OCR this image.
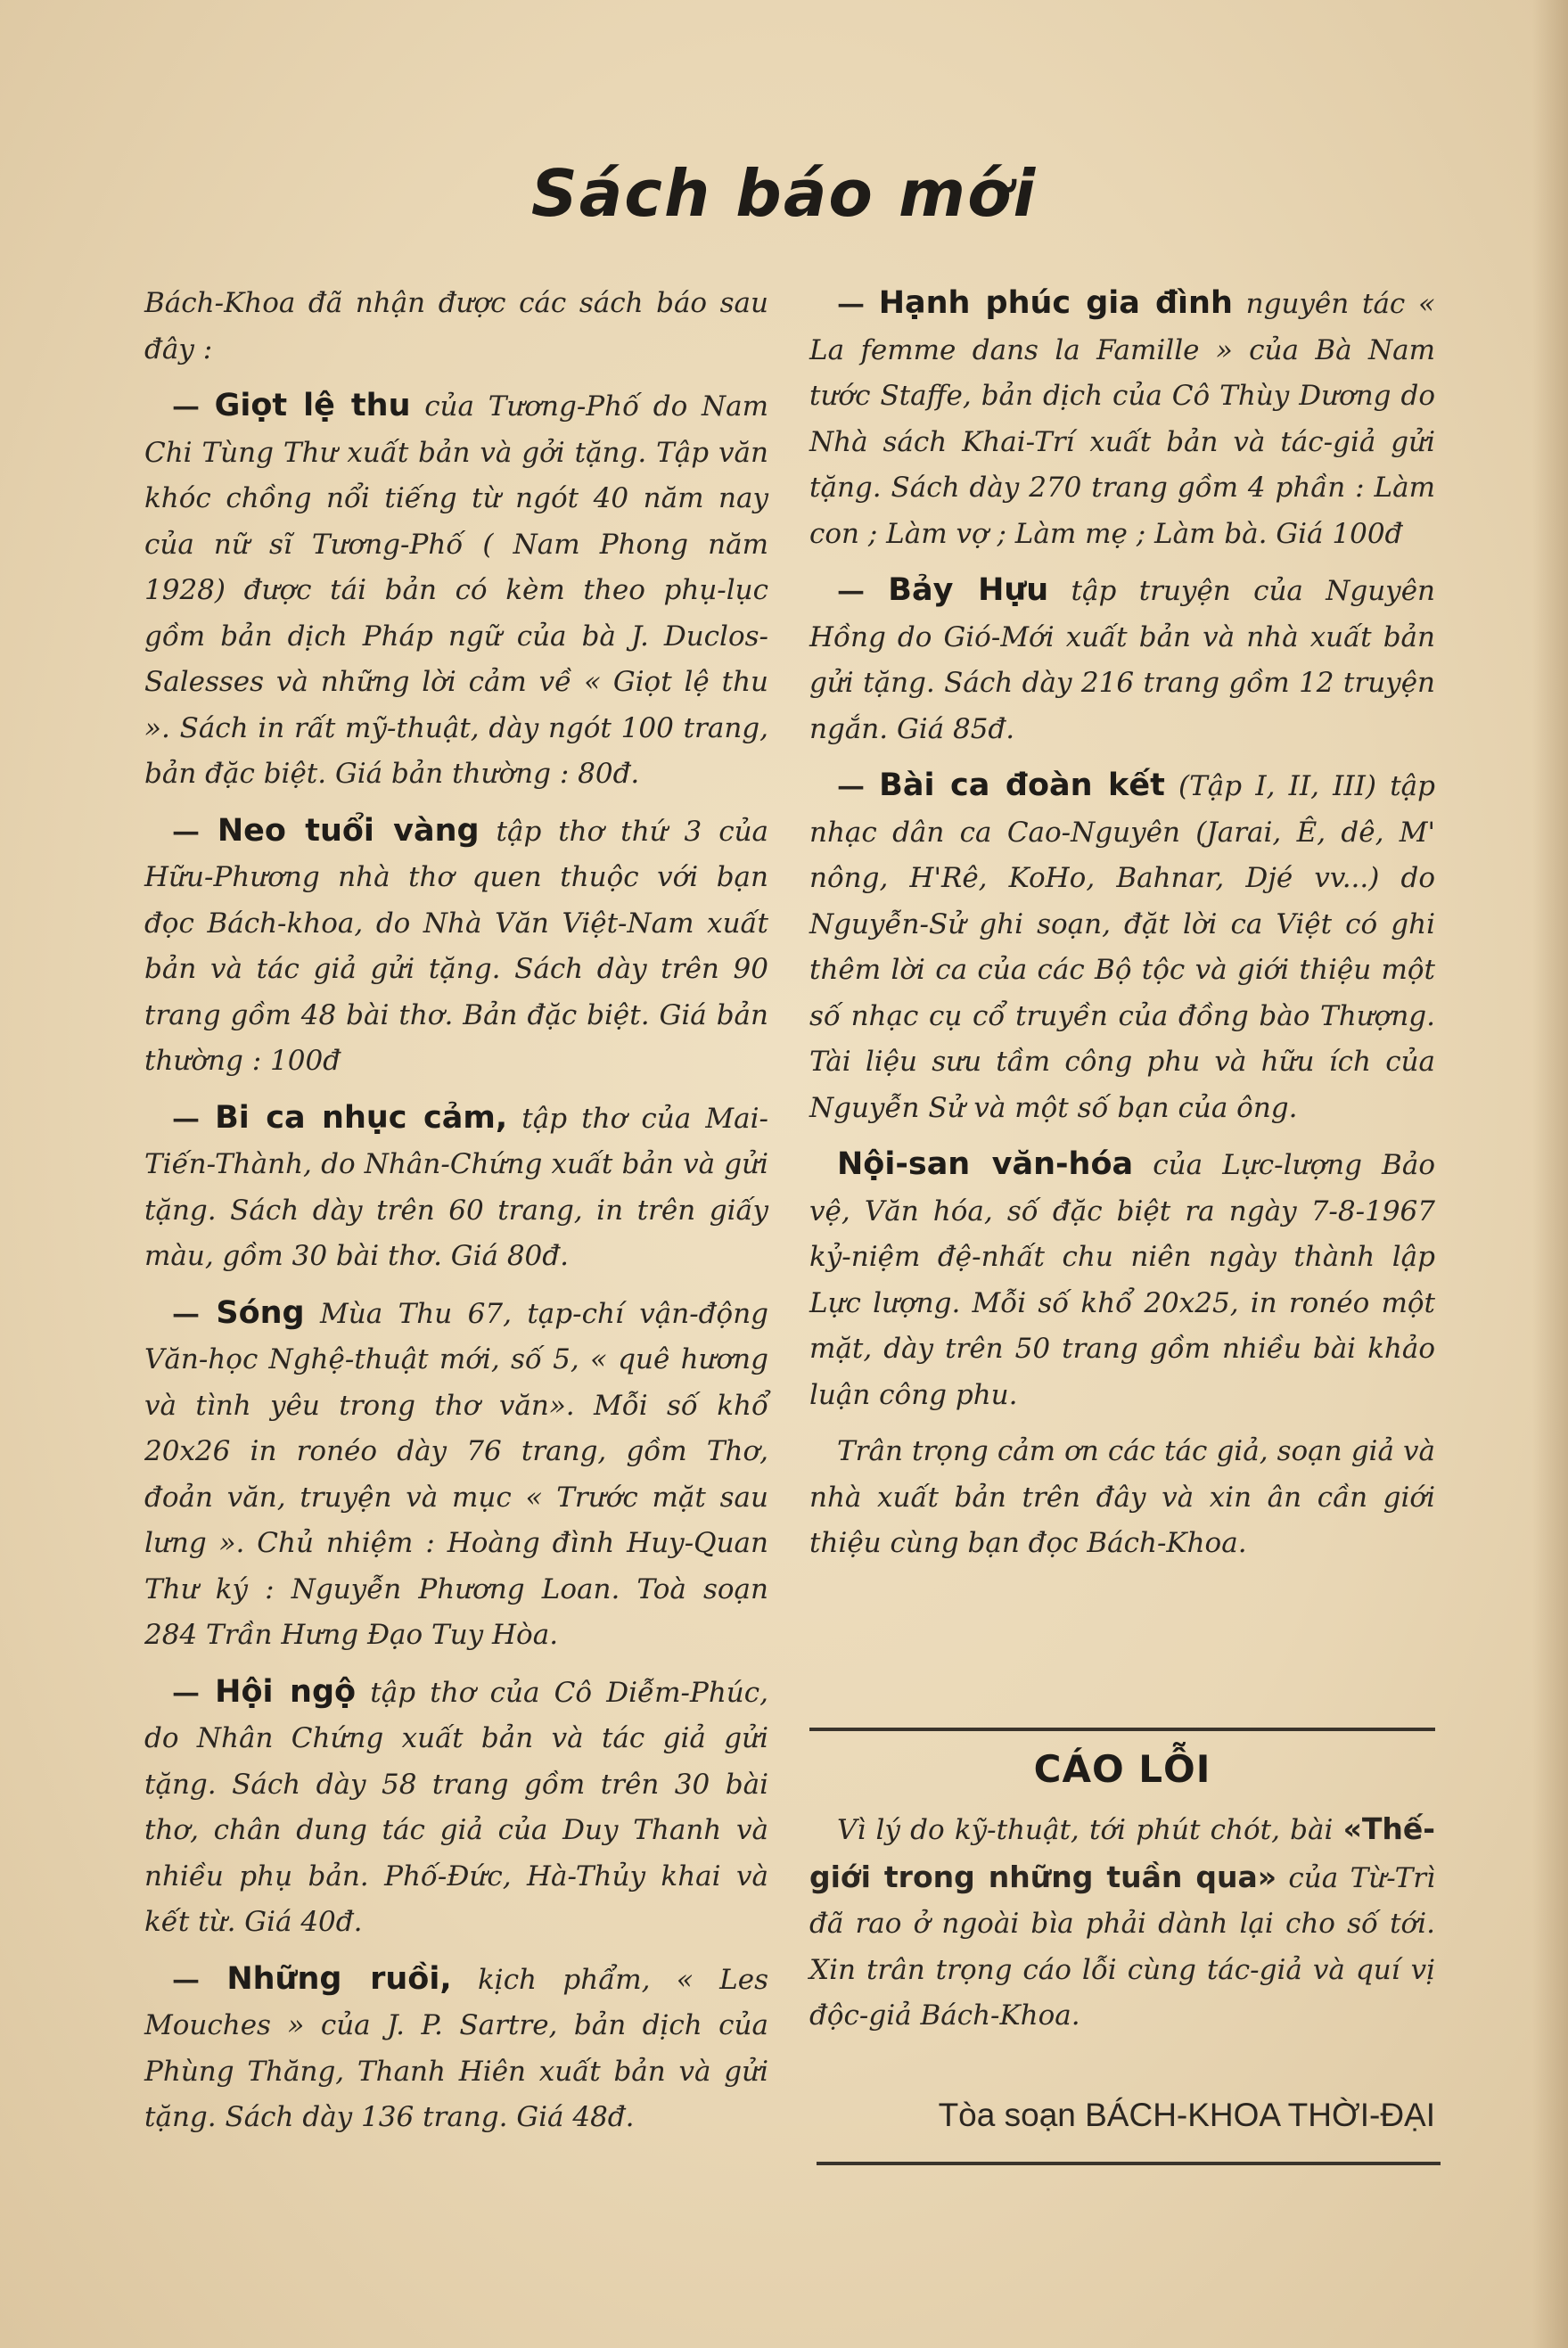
Sách báo mới

Bách-Khoa đã nhận được các sách báo sau đây :

 — Giọt lệ thu của Tương-Phố do Nam Chi Tùng Thư xuất bản và gởi tặng. Tập văn khóc chồng nổi tiếng từ ngót 40 năm nay của nữ sĩ Tương-Phố ( Nam Phong năm 1928) được tái bản có kèm theo phụ-lục gồm bản dịch Pháp ngữ của bà J. Duclos-Salesses và những lời cảm về « Giọt lệ thu ». Sách in rất mỹ-thuật, dày ngót 100 trang, bản đặc biệt. Giá bản thường : 80đ.

 — Neo tuổi vàng tập thơ thứ 3 của Hữu-Phương nhà thơ quen thuộc với bạn đọc Bách-khoa, do Nhà Văn Việt-Nam xuất bản và tác giả gửi tặng. Sách dày trên 90 trang gồm 48 bài thơ. Bản đặc biệt. Giá bản thường : 100đ

 — Bi ca nhục cảm, tập thơ của Mai-Tiến-Thành, do Nhân-Chứng xuất bản và gửi tặng. Sách dày trên 60 trang, in trên giấy màu, gồm 30 bài thơ. Giá 80đ.

 — Sóng Mùa Thu 67, tạp-chí vận-động Văn-học Nghệ-thuật mới, số 5, « quê hương và tình yêu trong thơ văn». Mỗi số khổ 20x26 in ronéo dày 76 trang, gồm Thơ, đoản văn, truyện và mục « Trước mặt sau lưng ». Chủ nhiệm : Hoàng đình Huy-Quan Thư ký : Nguyễn Phương Loan. Toà soạn 284 Trần Hưng Đạo Tuy Hòa.

 — Hội ngộ tập thơ của Cô Diễm-Phúc, do Nhân Chứng xuất bản và tác giả gửi tặng. Sách dày 58 trang gồm trên 30 bài thơ, chân dung tác giả của Duy Thanh và nhiều phụ bản. Phố-Đức, Hà-Thủy khai và kết từ. Giá 40đ.

 — Những ruồi, kịch phẩm, « Les Mouches » của J. P. Sartre, bản dịch của Phùng Thăng, Thanh Hiên xuất bản và gửi tặng. Sách dày 136 trang. Giá 48đ.

 — Hạnh phúc gia đình nguyên tác « La femme dans la Famille » của Bà Nam tước Staffe, bản dịch của Cô Thùy Dương do Nhà sách Khai-Trí xuất bản và tác-giả gửi tặng. Sách dày 270 trang gồm 4 phần : Làm con ; Làm vợ ; Làm mẹ ; Làm bà. Giá 100đ

 — Bảy Hựu tập truyện của Nguyên Hồng do Gió-Mới xuất bản và nhà xuất bản gửi tặng. Sách dày 216 trang gồm 12 truyện ngắn. Giá 85đ.

 — Bài ca đoàn kết (Tập I, II, III) tập nhạc dân ca Cao-Nguyên (Jarai, Ê, dê, M' nông, H'Rê, KoHo, Bahnar, Djé vv...) do Nguyễn-Sử ghi soạn, đặt lời ca Việt có ghi thêm lời ca của các Bộ tộc và giới thiệu một số nhạc cụ cổ truyền của đồng bào Thượng. Tài liệu sưu tầm công phu và hữu ích của Nguyễn Sử và một số bạn của ông.

 Nội-san văn-hóa của Lực-lượng Bảo vệ, Văn hóa, số đặc biệt ra ngày 7-8-1967 kỷ-niệm đệ-nhất chu niên ngày thành lập Lực lượng. Mỗi số khổ 20x25, in ronéo một mặt, dày trên 50 trang gồm nhiều bài khảo luận công phu.

 Trân trọng cảm ơn các tác giả, soạn giả và nhà xuất bản trên đây và xin ân cần giới thiệu cùng bạn đọc Bách-Khoa.

CÁO LỖI

 Vì lý do kỹ-thuật, tới phút chót, bài «Thế-giới trong những tuần qua» của Từ-Trì đã rao ở ngoài bìa phải dành lại cho số tới. Xin trân trọng cáo lỗi cùng tác-giả và quí vị độc-giả Bách-Khoa.

Tòa soạn BÁCH-KHOA THỜI-ĐẠI
